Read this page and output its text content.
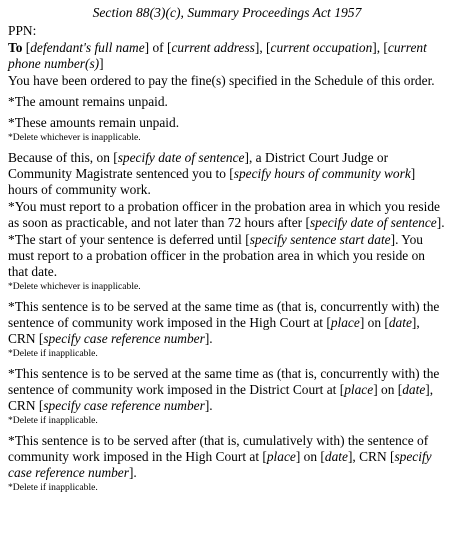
Section 88(3)(c), Summary Proceedings Act 1957
PPN:
To [defendant's full name] of [current address], [current occupation], [current phone number(s)]
You have been ordered to pay the fine(s) specified in the Schedule of this order.
*The amount remains unpaid.
*These amounts remain unpaid.
*Delete whichever is inapplicable.
Because of this, on [specify date of sentence], a District Court Judge or Community Magistrate sentenced you to [specify hours of community work] hours of community work.
*You must report to a probation officer in the probation area in which you reside as soon as practicable, and not later than 72 hours after [specify date of sentence].
*The start of your sentence is deferred until [specify sentence start date]. You must report to a probation officer in the probation area in which you reside on that date.
*Delete whichever is inapplicable.
*This sentence is to be served at the same time as (that is, concurrently with) the sentence of community work imposed in the High Court at [place] on [date], CRN [specify case reference number].
*Delete if inapplicable.
*This sentence is to be served at the same time as (that is, concurrently with) the sentence of community work imposed in the District Court at [place] on [date], CRN [specify case reference number].
*Delete if inapplicable.
*This sentence is to be served after (that is, cumulatively with) the sentence of community work imposed in the High Court at [place] on [date], CRN [specify case reference number].
*Delete if inapplicable.
